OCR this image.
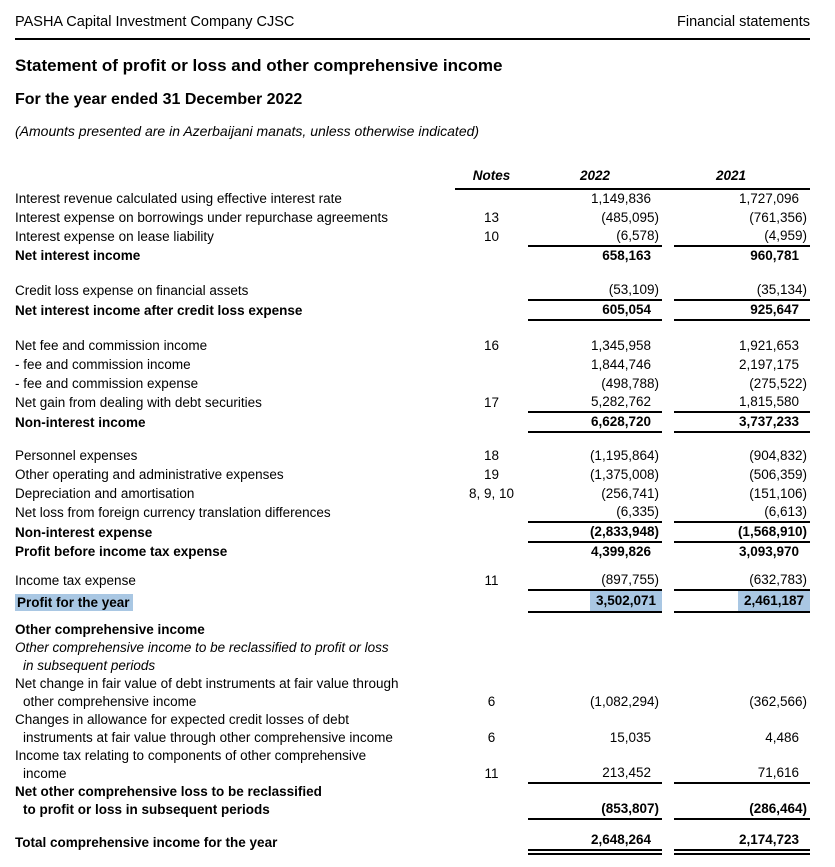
PASHA Capital Investment Company CJSC	Financial statements
Statement of profit or loss and other comprehensive income
For the year ended 31 December 2022

(Amounts presented are in Azerbaijani manats, unless otherwise indicated)

	Notes	2022		2021

Interest revenue calculated using effective interest rate		1,149,836		1,727,096

Interest expense on borrowings under repurchase agreements	13	(485,095)		(761,356)

Interest expense on lease liability	10	(6,578)		(4,959)

Net interest income		658,163		960,781

Credit loss expense on financial assets		(53,109)		(35,134)

Net interest income after credit loss expense		605,054		925,647

Net fee and commission income	16	1,345,958		1,921,653

- fee and commission income		1,844,746		2,197,175

- fee and commission expense		(498,788)		(275,522)

Net gain from dealing with debt securities	17	5,282,762		1,815,580

Non-interest income		6,628,720		3,737,233

Personnel expenses	18	(1,195,864)		(904,832)

Other operating and administrative expenses	19	(1,375,008)		(506,359)

Depreciation and amortisation	8, 9, 10	(256,741)		(151,106)

Net loss from foreign currency translation differences		(6,335)		(6,613)

Non-interest expense		(2,833,948)		(1,568,910)

Profit before income tax expense		4,399,826		3,093,970

Income tax expense	11	(897,755)		(632,783)

Profit for the year		3,502,071		2,461,187

Other comprehensive income				

Other comprehensive income to be reclassified to profit or loss
in subsequent periods				

Net change in fair value of debt instruments at fair value through
other comprehensive income	6	(1,082,294)		(362,566)

Changes in allowance for expected credit losses of debt
instruments at fair value through other comprehensive income	6	15,035		4,486

Income tax relating to components of other comprehensive
income	11	213,452		71,616

Net other comprehensive loss to be reclassified
to profit or loss in subsequent periods		(853,807)		(286,464)

Total comprehensive income for the year		2,648,264		2,174,723
